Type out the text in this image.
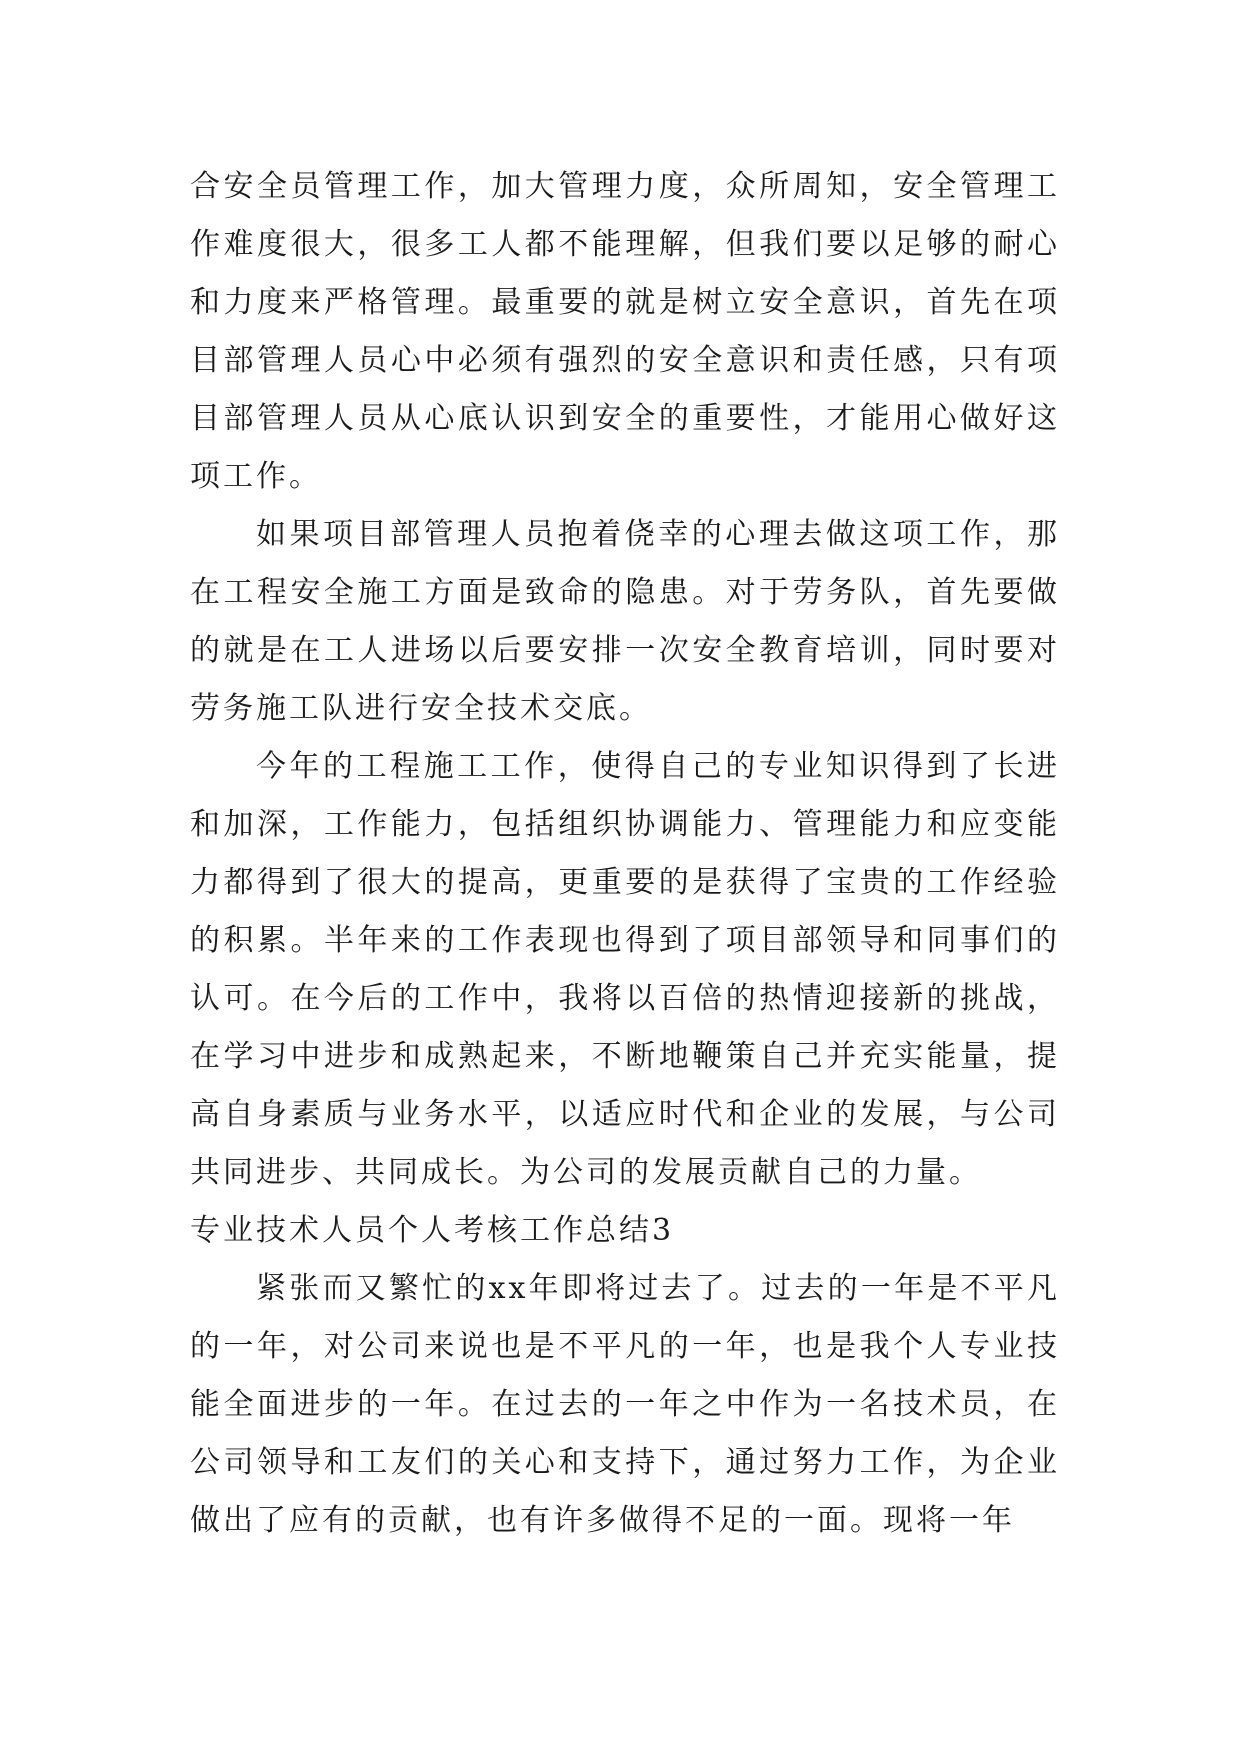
合安全员管理工作，加大管理力度，众所周知，安全管理工作难度很大，很多工人都不能理解，但我们要以足够的耐心和力度来严格管理。最重要的就是树立安全意识，首先在项目部管理人员心中必须有强烈的安全意识和责任感，只有项目部管理人员从心底认识到安全的重要性，才能用心做好这项工作。

如果项目部管理人员抱着侥幸的心理去做这项工作，那在工程安全施工方面是致命的隐患。对于劳务队，首先要做的就是在工人进场以后要安排一次安全教育培训，同时要对劳务施工队进行安全技术交底。

今年的工程施工工作，使得自己的专业知识得到了长进和加深，工作能力，包括组织协调能力、管理能力和应变能力都得到了很大的提高，更重要的是获得了宝贵的工作经验的积累。半年来的工作表现也得到了项目部领导和同事们的认可。在今后的工作中，我将以百倍的热情迎接新的挑战，在学习中进步和成熟起来，不断地鞭策自己并充实能量，提高自身素质与业务水平，以适应时代和企业的发展，与公司共同进步、共同成长。为公司的发展贡献自己的力量。

专业技术人员个人考核工作总结3

紧张而又繁忙的xx年即将过去了。过去的一年是不平凡的一年，对公司来说也是不平凡的一年，也是我个人专业技能全面进步的一年。在过去的一年之中作为一名技术员，在公司领导和工友们的关心和支持下，通过努力工作，为企业做出了应有的贡献，也有许多做得不足的一面。现将一年
